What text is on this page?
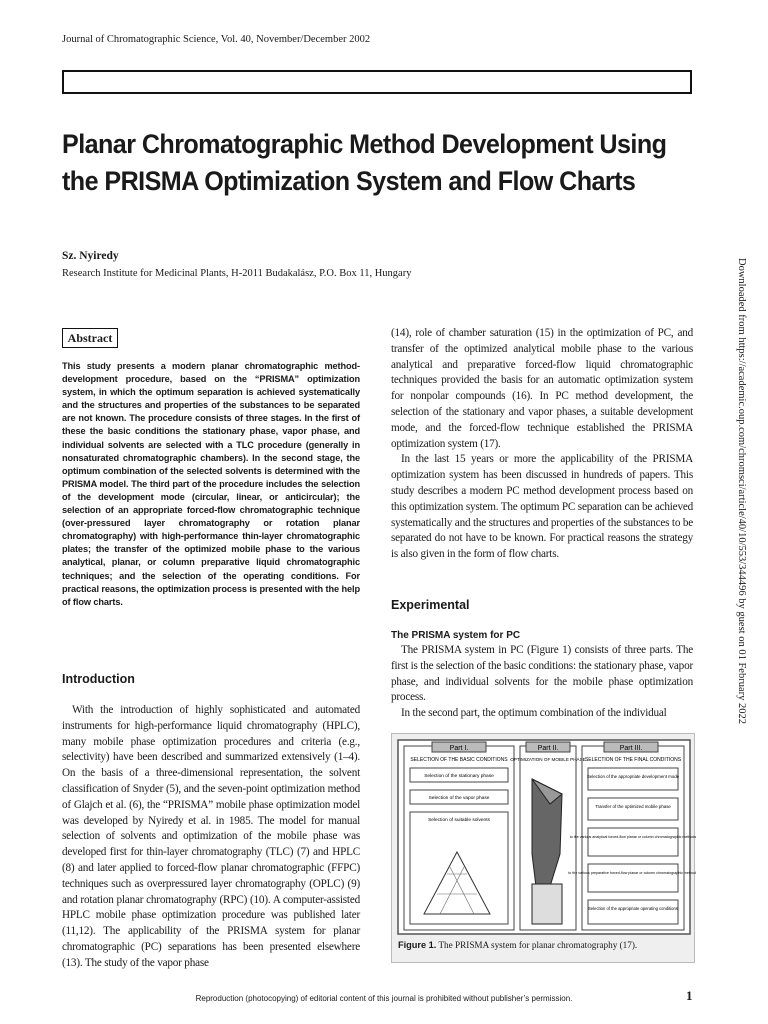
Journal of Chromatographic Science, Vol. 40, November/December 2002
Planar Chromatographic Method Development Using the PRISMA Optimization System and Flow Charts
Sz. Nyiredy
Research Institute for Medicinal Plants, H-2011 Budakalász, P.O. Box 11, Hungary	Downloaded from https://academic.oup.com/chromsci/article/40/10/553/344496 by guest on 01 February 2022
Abstract
This study presents a modern planar chromatographic method-development procedure, based on the “PRISMA” optimization system, in which the optimum separation is achieved systematically and the structures and properties of the substances to be separated are not known. The procedure consists of three stages. In the first of these the basic conditions the stationary phase, vapor phase, and individual solvents are selected with a TLC procedure (generally in nonsaturated chromatographic chambers). In the second stage, the optimum combination of the selected solvents is determined with the PRISMA model. The third part of the procedure includes the selection of the development mode (circular, linear, or anticircular); the selection of an appropriate forced-flow chromatographic technique (over-pressured layer chromatography or rotation planar chromatography) with high-performance thin-layer chromatographic plates; the transfer of the optimized mobile phase to the various analytical, planar, or column preparative liquid chromatographic techniques; and the selection of the operating conditions. For practical reasons, the optimization process is presented with the help of flow charts.
Introduction
With the introduction of highly sophisticated and automated instruments for high-performance liquid chromatography (HPLC), many mobile phase optimization procedures and criteria (e.g., selectivity) have been described and summarized extensively (1–4). On the basis of a three-dimensional representation, the solvent classification of Snyder (5), and the seven-point optimization method of Glajch et al. (6), the “PRISMA” mobile phase optimization model was developed by Nyiredy et al. in 1985. The model for manual selection of solvents and optimization of the mobile phase was developed first for thin-layer chromatography (TLC) (7) and HPLC (8) and later applied to forced-flow planar chromatographic (FFPC) techniques such as overpressured layer chromatography (OPLC) (9) and rotation planar chromatography (RPC) (10). A computer-assisted HPLC mobile phase optimization procedure was published later (11,12). The applicability of the PRISMA system for planar chromatographic (PC) separations has been presented elsewhere (13). The study of the vapor phase

(14), role of chamber saturation (15) in the optimization of PC, and transfer of the optimized analytical mobile phase to the various analytical and preparative forced-flow liquid chromatographic techniques provided the basis for an automatic optimization system for nonpolar compounds (16). In PC method development, the selection of the stationary and vapor phases, a suitable development mode, and the forced-flow technique established the PRISMA optimization system (17).

In the last 15 years or more the applicability of the PRISMA optimization system has been discussed in hundreds of papers. This study describes a modern PC method development process based on this optimization system. The optimum PC separation can be achieved systematically and the structures and properties of the substances to be separated do not have to be known. For practical reasons the strategy is also given in the form of flow charts.

Experimental
The PRISMA system for PC

The PRISMA system in PC (Figure 1) consists of three parts. The first is the selection of the basic conditions: the stationary phase, vapor phase, and individual solvents for the mobile phase optimization process.

In the second part, the optimum combination of the individual

Part I.
SELECTION OF THE BASIC CONDITIONS
Selection of the stationary phase
Selection of the vapor phase
Selection of suitable solvents
Part II.
OPTIMIZATION OF MOBILE PHASE
Part III.
SELECTION OF THE FINAL CONDITIONS
Selection of the appropriate development mode
Transfer of the optimized mobile phase
to the various analytical forced-flow planar or column chromatographic methods
to the various preparative forced-flow planar or column chromatographic methods
Selection of the appropriate operating conditions
Figure 1. The PRISMA system for planar chromatography (17).
Reproduction (photocopying) of editorial content of this journal is prohibited without publisher’s permission.	1
